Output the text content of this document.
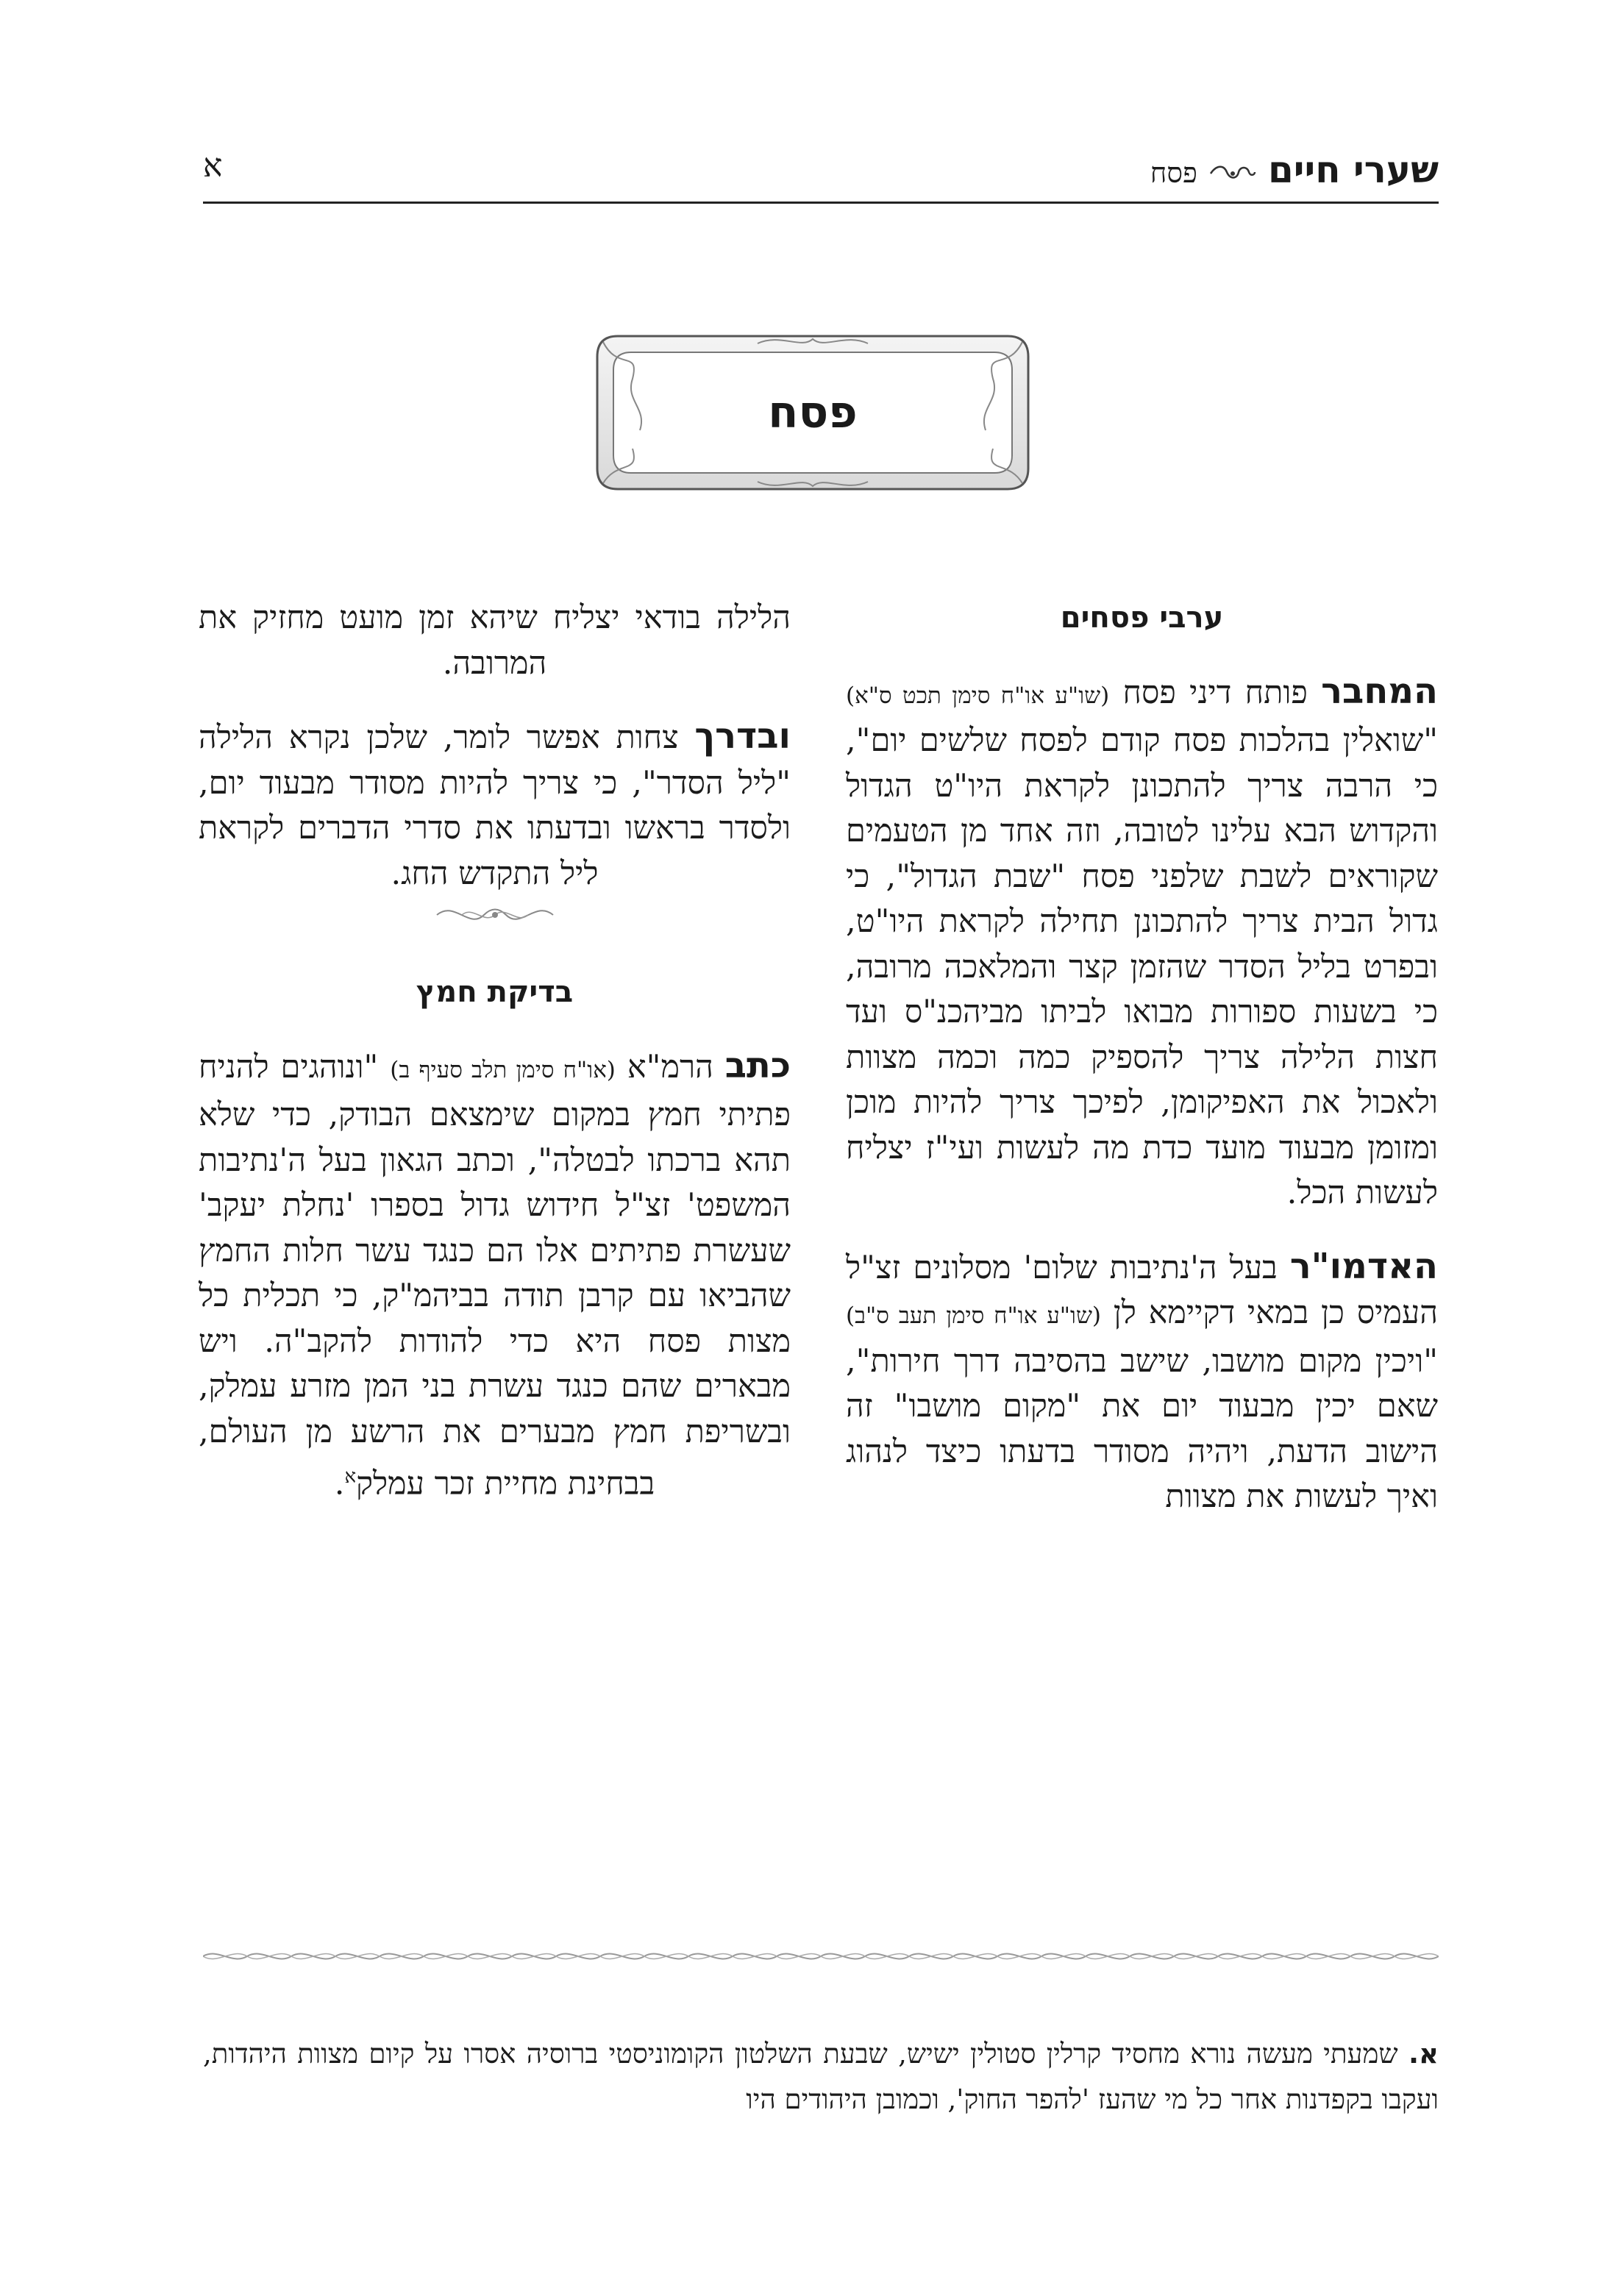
א	שערי חיים
פסח
פסח

ערבי פסחים

המחבר פותח דיני פסח (שו"ע או"ח סימן תכט ס"א) "שואלין בהלכות פסח קודם לפסח שלשים יום", כי הרבה צריך להתכונן לקראת היו"ט הגדול והקדוש הבא עלינו לטובה, וזה אחד מן הטעמים שקוראים לשבת שלפני פסח "שבת הגדול", כי גדול הבית צריך להתכונן תחילה לקראת היו"ט, ובפרט בליל הסדר שהזמן קצר והמלאכה מרובה, כי בשעות ספורות מבואו לביתו מביהכנ"ס ועד חצות הלילה צריך להספיק כמה וכמה מצוות ולאכול את האפיקומן, לפיכך צריך להיות מוכן ומזומן מבעוד מועד כדת מה לעשות ועי"ז יצליח לעשות הכל.

האדמו"ר בעל ה'נתיבות שלום' מסלונים זצ"ל העמיס כן במאי דקיימא לן (שו"ע או"ח סימן תעב ס"ב) "ויכין מקום מושבו, שישב בהסיבה דרך חירות", שאם יכין מבעוד יום את "מקום מושבו" זה הישוב הדעת, ויהיה מסודר בדעתו כיצד לנהוג ואיך לעשות את מצוות

הלילה בודאי יצליח שיהא זמן מועט מחזיק את המרובה.

ובדרך צחות אפשר לומר, שלכן נקרא הלילה "ליל הסדר", כי צריך להיות מסודר מבעוד יום, ולסדר בראשו ובדעתו את סדרי הדברים לקראת ליל התקדש החג.

בדיקת חמץ

כתב הרמ"א (או"ח סימן תלב סעיף ב) "ונוהגים להניח פתיתי חמץ במקום שימצאם הבודק, כדי שלא תהא ברכתו לבטלה", וכתב הגאון בעל ה'נתיבות המשפט' זצ"ל חידוש גדול בספרו 'נחלת יעקב' שעשרת פתיתים אלו הם כנגד עשר חלות החמץ שהביאו עם קרבן תודה בביהמ"ק, כי תכלית כל מצות פסח היא כדי להודות להקב"ה. ויש מבארים שהם כנגד עשרת בני המן מזרע עמלק, ובשריפת חמץ מבערים את הרשע מן העולם, בבחינת מחיית זכר עמלק$^א$.

א. שמעתי מעשה נורא מחסיד קרלין סטולין ישיש, שבעת השלטון הקומוניסטי ברוסיה אסרו על קיום מצוות היהדות, ועקבו בקפדנות אחר כל מי שהעז 'להפר החוק', וכמובן היהודים היו
